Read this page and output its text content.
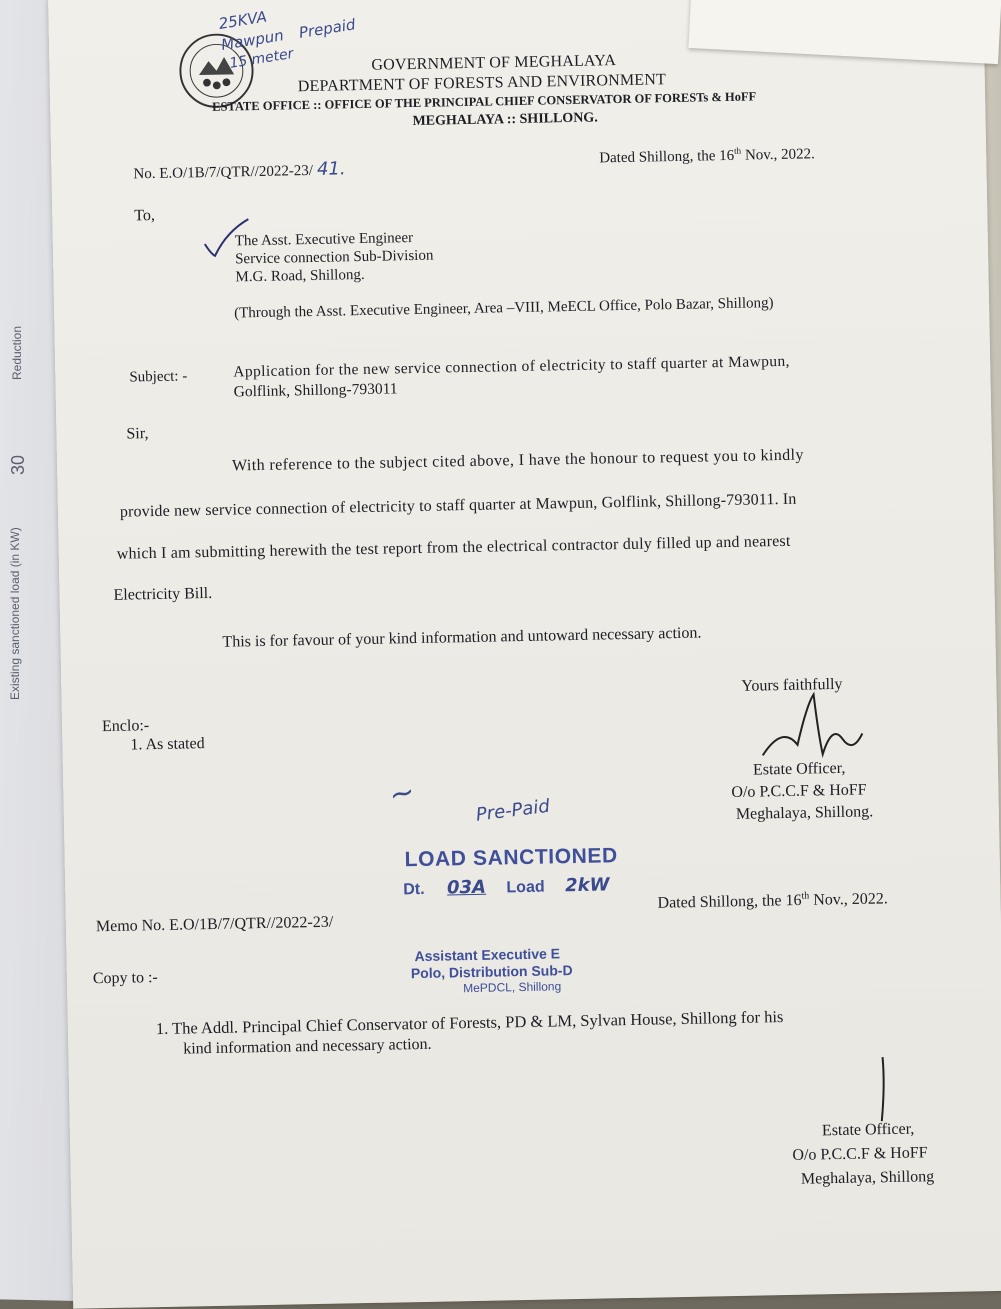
Existing sanctioned load (in KW)
30
Reduction
25KVA
Mawpun Prepaid
15 meter	GOVERNMENT OF MEGHALAYA
DEPARTMENT OF FORESTS AND ENVIRONMENT
ESTATE OFFICE :: OFFICE OF THE PRINCIPAL CHIEF CONSERVATOR OF FORESTs & HoFF
MEGHALAYA :: SHILLONG.
No. E.O/1B/7/QTR//2022-23/ 41.
Dated Shillong, the 16th Nov., 2022.
To,
The Asst. Executive Engineer
Service connection Sub-Division
M.G. Road, Shillong.
(Through the Asst. Executive Engineer, Area –VIII, MeECL Office, Polo Bazar, Shillong)
Subject: -	Application for the new service connection of electricity to staff quarter at Mawpun,
Golflink, Shillong-793011
Sir,
With reference to the subject cited above, I have the honour to request you to kindly
provide new service connection of electricity to staff quarter at Mawpun, Golflink, Shillong-793011. In
which I am submitting herewith the test report from the electrical contractor duly filled up and nearest
Electricity Bill.
This is for favour of your kind information and untoward necessary action.
Yours faithfully
Enclo:-
1. As stated
Estate Officer,
O/o P.C.C.F & HoFF
Meghalaya, Shillong.
~	Pre-Paid
LOAD SANCTIONED
Dt. 03A Load 2kW
Assistant Executive E
Polo, Distribution Sub-D
MePDCL, Shillong
Memo No. E.O/1B/7/QTR//2022-23/
Dated Shillong, the 16th Nov., 2022.
Copy to :-
1. The Addl. Principal Chief Conservator of Forests, PD & LM, Sylvan House, Shillong for his
kind information and necessary action.
Estate Officer,
O/o P.C.C.F & HoFF
Meghalaya, Shillong
